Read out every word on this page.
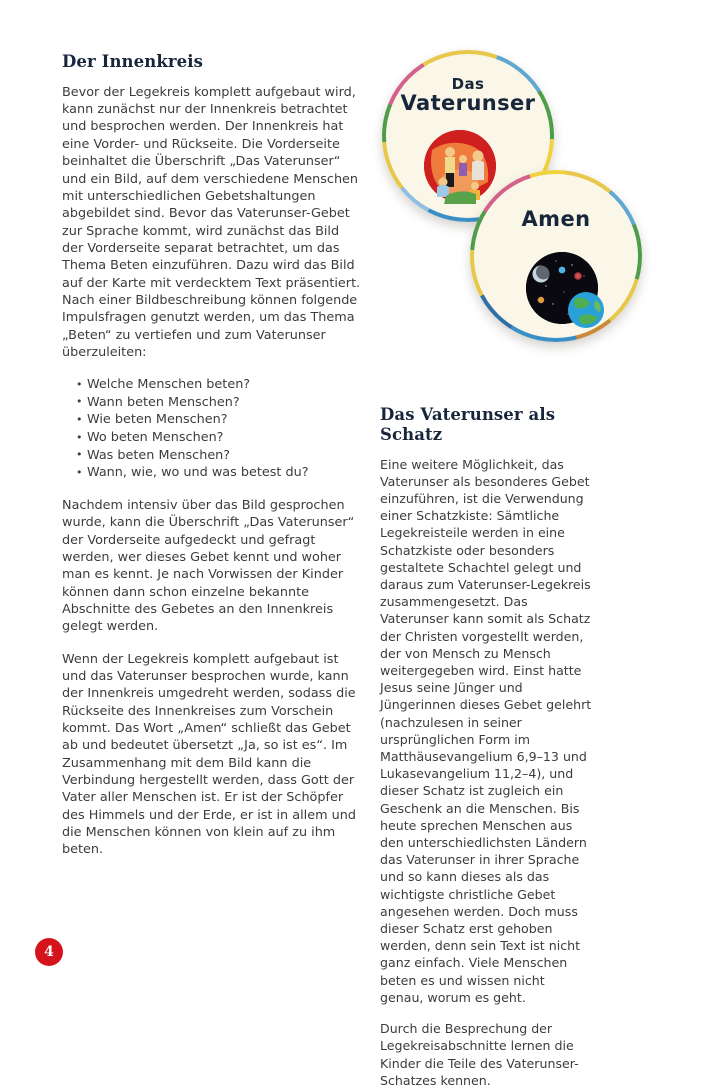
Der Innenkreis

Bevor der Legekreis komplett aufgebaut wird, kann zunächst nur der Innenkreis betrachtet und besprochen werden. Der Innenkreis hat eine Vorder- und Rückseite. Die Vorderseite beinhaltet die Überschrift „Das Vaterunser“ und ein Bild, auf dem verschiedene Menschen mit unterschiedlichen Gebetshaltungen abgebildet sind. Bevor das Vaterunser-Gebet zur Sprache kommt, wird zunächst das Bild der Vorderseite separat betrachtet, um das Thema Beten einzuführen. Dazu wird das Bild auf der Karte mit verdecktem Text präsentiert. Nach einer Bildbeschreibung können folgende Impulsfragen genutzt werden, um das Thema „Beten“ zu vertiefen und zum Vaterunser überzuleiten:

• Welche Menschen beten?
• Wann beten Menschen?
• Wie beten Menschen?
• Wo beten Menschen?
• Was beten Menschen?
• Wann, wie, wo und was betest du?

Nachdem intensiv über das Bild gesprochen wurde, kann die Überschrift „Das Vaterunser“ der Vorderseite aufgedeckt und gefragt werden, wer dieses Gebet kennt und woher man es kennt. Je nach Vorwissen der Kinder können dann schon einzelne bekannte Abschnitte des Gebetes an den Innenkreis gelegt werden.

Wenn der Legekreis komplett aufgebaut ist und das Vaterunser besprochen wurde, kann der Innenkreis umgedreht werden, sodass die Rückseite des Innenkreises zum Vorschein kommt. Das Wort „Amen“ schließt das Gebet ab und bedeutet übersetzt „Ja, so ist es“. Im Zusammenhang mit dem Bild kann die Verbindung hergestellt werden, dass Gott der Vater aller Menschen ist. Er ist der Schöpfer des Himmels und der Erde, er ist in allem und die Menschen können von klein auf zu ihm beten.

Das
Vaterunser
Amen
Das Vaterunser als Schatz

Eine weitere Möglichkeit, das Vaterunser als besonderes Gebet einzuführen, ist die Verwendung einer Schatzkiste: Sämtliche Legekreisteile werden in eine Schatzkiste oder besonders gestaltete Schachtel gelegt und daraus zum Vaterunser-Legekreis zusammengesetzt. Das Vaterunser kann somit als Schatz der Christen vorgestellt werden, der von Mensch zu Mensch weitergegeben wird. Einst hatte Jesus seine Jünger und Jüngerinnen dieses Gebet gelehrt (nachzulesen in seiner ursprünglichen Form im Matthäusevangelium 6,9–13 und Lukasevangelium 11,2–4), und dieser Schatz ist zugleich ein Geschenk an die Menschen. Bis heute sprechen Menschen aus den unterschiedlichsten Ländern das Vaterunser in ihrer Sprache und so kann dieses als das wichtigste christliche Gebet angesehen werden. Doch muss dieser Schatz erst gehoben werden, denn sein Text ist nicht ganz einfach. Viele Menschen beten es und wissen nicht genau, worum es geht.

Durch die Besprechung der Legekreisabschnitte lernen die Kinder die Teile des Vaterunser-Schatzes kennen.

4
